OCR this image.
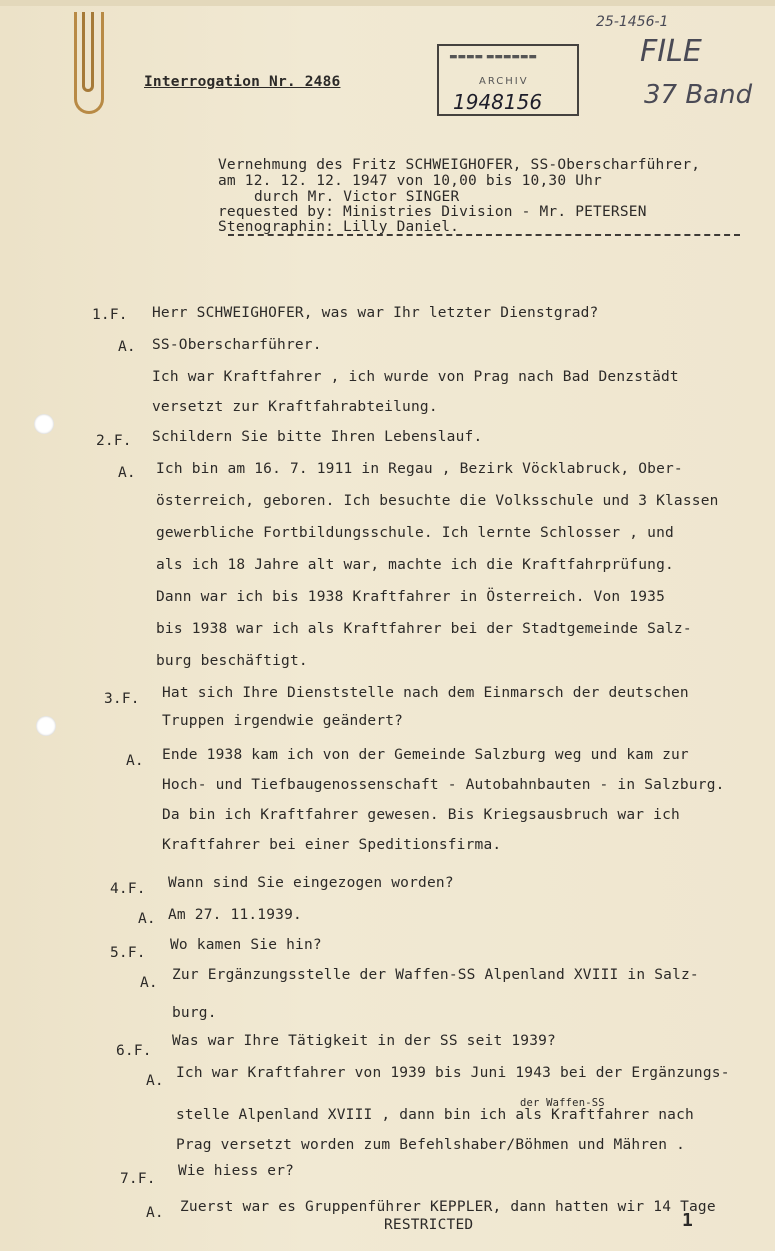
Interrogation Nr. 2486
▬▬▬▬ ▬▬▬▬▬▬
ARCHIV
1948156
25-1456-1
FILE
37 Band
Vernehmung des Fritz SCHWEIGHOFER, SS-Oberscharführer,
am 12. 12. 12. 1947 von 10,00 bis 10,30 Uhr
durch Mr. Victor SINGER
requested by: Ministries Division - Mr. PETERSEN
Stenographin: Lilly Daniel.
1.F. Herr SCHWEIGHOFER, was war Ihr letzter Dienstgrad?
A. SS-Oberscharführer.
Ich war Kraftfahrer , ich wurde von Prag nach Bad Denzstädt
versetzt zur Kraftfahrabteilung.
2.F. Schildern Sie bitte Ihren Lebenslauf.
A. Ich bin am 16. 7. 1911 in Regau , Bezirk Vöcklabruck, Ober-
österreich, geboren. Ich besuchte die Volksschule und 3 Klassen
gewerbliche Fortbildungsschule. Ich lernte Schlosser , und
als ich 18 Jahre alt war, machte ich die Kraftfahrprüfung.
Dann war ich bis 1938 Kraftfahrer in Österreich. Von 1935
bis 1938 war ich als Kraftfahrer bei der Stadtgemeinde Salz-
burg beschäftigt.
3.F. Hat sich Ihre Dienststelle nach dem Einmarsch der deutschen
Truppen irgendwie geändert?
A. Ende 1938 kam ich von der Gemeinde Salzburg weg und kam zur
Hoch- und Tiefbaugenossenschaft - Autobahnbauten - in Salzburg.
Da bin ich Kraftfahrer gewesen. Bis Kriegsausbruch war ich
Kraftfahrer bei einer Speditionsfirma.
4.F. Wann sind Sie eingezogen worden?
A. Am 27. 11.1939.
5.F. Wo kamen Sie hin?
A. Zur Ergänzungsstelle der Waffen-SS Alpenland XVIII in Salz-
burg.
6.F.
Was war Ihre Tätigkeit in der SS seit 1939?
A. Ich war Kraftfahrer von 1939 bis Juni 1943 bei der Ergänzungs-
der Waffen-SS
stelle Alpenland XVIII , dann bin ich als Kraftfahrer nach
Prag versetzt worden zum Befehlshaber/Böhmen und Mähren .
7.F. Wie hiess er?
A. Zuerst war es Gruppenführer KEPPLER, dann hatten wir 14 Tage
RESTRICTED	1
